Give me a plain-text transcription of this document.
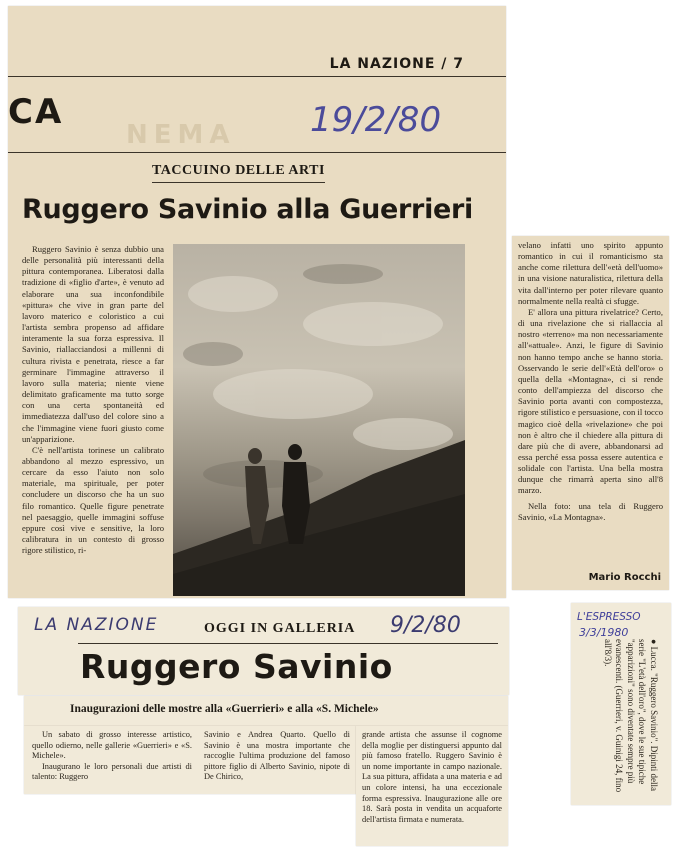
LA NAZIONE / 7
CA
NEMA 19/2/80
TACCUINO DELLE ARTI
Ruggero Savinio alla Guerrieri

Ruggero Savinio è senza dubbio una delle personalità più interessanti della pittura contemporanea. Liberatosi dalla tradizione di «figlio d'arte», è venuto ad elaborare una sua inconfondibile «pittura» che vive in gran parte del lavoro materico e coloristico a cui l'artista sembra propenso ad affidare interamente la sua forza espressiva. Il Savinio, riallacciandosi a millenni di cultura rivista e penetrata, riesce a far germinare l'immagine attraverso il lavoro sulla materia; niente viene delimitato graficamente ma tutto sorge con una certa spontaneità ed immediatezza dall'uso del colore sino a che l'immagine viene fuori giusto come un'apparizione.

C'è nell'artista torinese un calibrato abbandono al mezzo espressivo, un cercare da esso l'aiuto non solo materiale, ma spirituale, per poter concludere un discorso che ha un suo filo romantico. Quelle figure penetrate nel paesaggio, quelle immagini soffuse eppure così vive e sensitive, la loro calibratura in un contesto di grosso rigore stilistico, ri-

velano infatti uno spirito appunto romantico in cui il romanticismo sta anche come rilettura dell'«età dell'uomo» in una visione naturalistica, rilettura della vita dall'interno per poter rilevare quanto normalmente nella realtà ci sfugge.

E' allora una pittura rivelatrice? Certo, di una rivelazione che si riallaccia al nostro «terreno» ma non necessariamente all'«attuale». Anzi, le figure di Savinio non hanno tempo anche se hanno storia. Osservando le serie dell'«Età dell'oro» o quella della «Montagna», ci si rende conto dell'ampiezza del discorso che Savinio porta avanti con compostezza, rigore stilistico e persuasione, con il tocco magico cioè della «rivelazione» che poi non è altro che il chiedere alla pittura di dare più che di avere, abbandonarsi ad essa perché essa possa essere autentica e solidale con l'artista. Una bella mostra dunque che rimarrà aperta sino all'8 marzo.

Nella foto: una tela di Ruggero Savinio, «La Montagna».

Mario Rocchi
LA NAZIONE	9/2/80
OGGI IN GALLERIA
Ruggero Savinio
Inaugurazioni delle mostre alla «Guerrieri» e alla «S. Michele»

Un sabato di grosso interesse artistico, quello odierno, nelle gallerie «Guerrieri» e «S. Michele».

Inaugurano le loro personali due artisti di talento: Ruggero

Savinio e Andrea Quarto. Quello di Savinio è una mostra importante che raccoglie l'ultima produzione del famoso pittore figlio di Alberto Savinio, nipote di De Chirico,

grande artista che assunse il cognome della moglie per distinguersi appunto dal più famoso fratello. Ruggero Savinio è un nome importante in campo nazionale. La sua pittura, affidata a una materia e ad un colore intensi, ha una eccezionale forma espressiva. Inaugurazione alle ore 18. Sarà posta in vendita un acquaforte dell'artista firmata e numerata.

L'ESPRESSO
3/3/1980
● Lucca. "Ruggero Savinio". Dipinti della serie "L'età dell'oro", dove le sue tipiche "apparizioni" sono diventate sempre più evanescenti. (Guerrieri, v. Guinigi 24, fino all'8/3).
